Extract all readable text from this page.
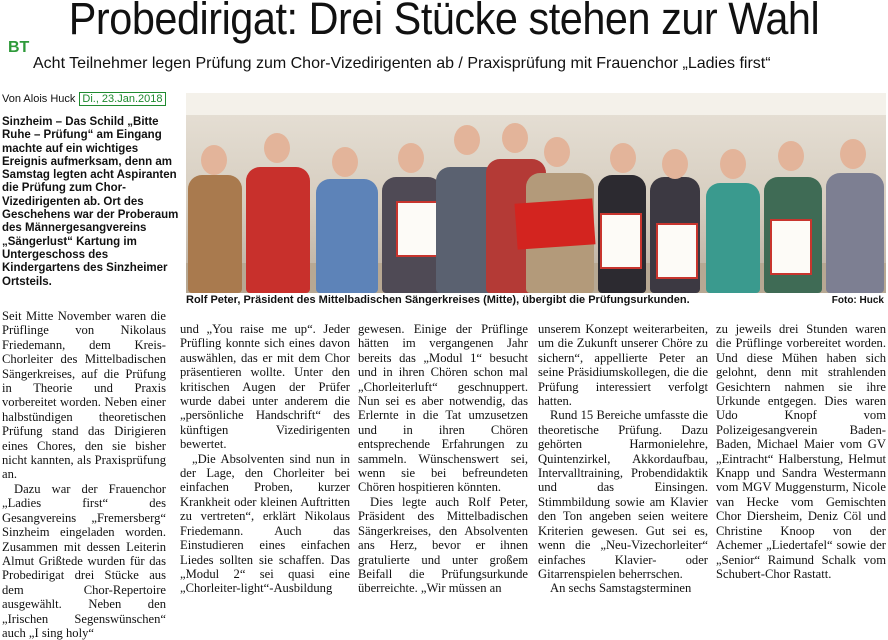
Probedirigat: Drei Stücke stehen zur Wahl
BT
Acht Teilnehmer legen Prüfung zum Chor-Vizedirigenten ab / Praxisprüfung mit Frauenchor „Ladies first“
Von Alois Huck Di., 23.Jan.2018

Sinzheim – Das Schild „Bitte Ruhe – Prüfung“ am Eingang machte auf ein wichtiges Ereignis aufmerksam, denn am Samstag legten acht Aspiranten die Prüfung zum Chor-Vizedirigenten ab. Ort des Geschehens war der Proberaum des Männergesangvereins „Sängerlust“ Kartung im Untergeschoss des Kindergartens des Sinzheimer Ortsteils.

Rolf Peter, Präsident des Mittelbadischen Sängerkreises (Mitte), übergibt die Prüfungsurkunden.	Foto: Huck

Seit Mitte November waren die Prüflinge von Nikolaus Friedemann, dem Kreis-Chorleiter des Mittelbadischen Sängerkreises, auf die Prüfung in Theorie und Praxis vorbereitet worden. Neben einer halbstündigen theoretischen Prüfung stand das Dirigieren eines Chores, den sie bisher nicht kannten, als Praxisprüfung an.

Dazu war der Frauenchor „Ladies first“ des Gesangvereins „Fremersberg“ Sinzheim eingeladen worden. Zusammen mit dessen Leiterin Almut Grißtede wurden für das Probedirigat drei Stücke aus dem Chor-Repertoire ausgewählt. Neben den „Irischen Segenswünschen“ auch „I sing holy“

und „You raise me up“. Jeder Prüfling konnte sich eines davon auswählen, das er mit dem Chor präsentieren wollte. Unter den kritischen Augen der Prüfer wurde dabei unter anderem die „persönliche Handschrift“ des künftigen Vizedirigenten bewertet.

„Die Absolventen sind nun in der Lage, den Chorleiter bei einfachen Proben, kurzer Krankheit oder kleinen Auftritten zu vertreten“, erklärt Nikolaus Friedemann. Auch das Einstudieren eines einfachen Liedes sollten sie schaffen. Das „Modul 2“ sei quasi eine „Chorleiter-light“-Ausbildung

gewesen. Einige der Prüflinge hätten im vergangenen Jahr bereits das „Modul 1“ besucht und in ihren Chören schon mal „Chorleiterluft“ geschnuppert. Nun sei es aber notwendig, das Erlernte in die Tat umzusetzen und in ihren Chören entsprechende Erfahrungen zu sammeln. Wünschenswert sei, wenn sie bei befreundeten Chören hospitieren könnten.

Dies legte auch Rolf Peter, Präsident des Mittelbadischen Sängerkreises, den Absolventen ans Herz, bevor er ihnen gratulierte und unter großem Beifall die Prüfungsurkunde überreichte. „Wir müssen an

unserem Konzept weiterarbeiten, um die Zukunft unserer Chöre zu sichern“, appellierte Peter an seine Präsidiumskollegen, die die Prüfung interessiert verfolgt hatten.

Rund 15 Bereiche umfasste die theoretische Prüfung. Dazu gehörten Harmonielehre, Quintenzirkel, Akkordaufbau, Intervalltraining, Probendidaktik und das Einsingen. Stimmbildung sowie am Klavier den Ton angeben seien weitere Kriterien gewesen. Gut sei es, wenn die „Neu-Vizechorleiter“ einfaches Klavier- oder Gitarrenspielen beherrschen.

An sechs Samstagsterminen

zu jeweils drei Stunden waren die Prüflinge vorbereitet worden. Und diese Mühen haben sich gelohnt, denn mit strahlenden Gesichtern nahmen sie ihre Urkunde entgegen. Dies waren Udo Knopf vom Polizeigesangverein Baden-Baden, Michael Maier vom GV „Eintracht“ Halberstung, Helmut Knapp und Sandra Westermann vom MGV Muggensturm, Nicole van Hecke vom Gemischten Chor Diersheim, Deniz Cöl und Christine Knoop von der Achemer „Liedertafel“ sowie der „Senior“ Raimund Schalk vom Schubert-Chor Rastatt.
